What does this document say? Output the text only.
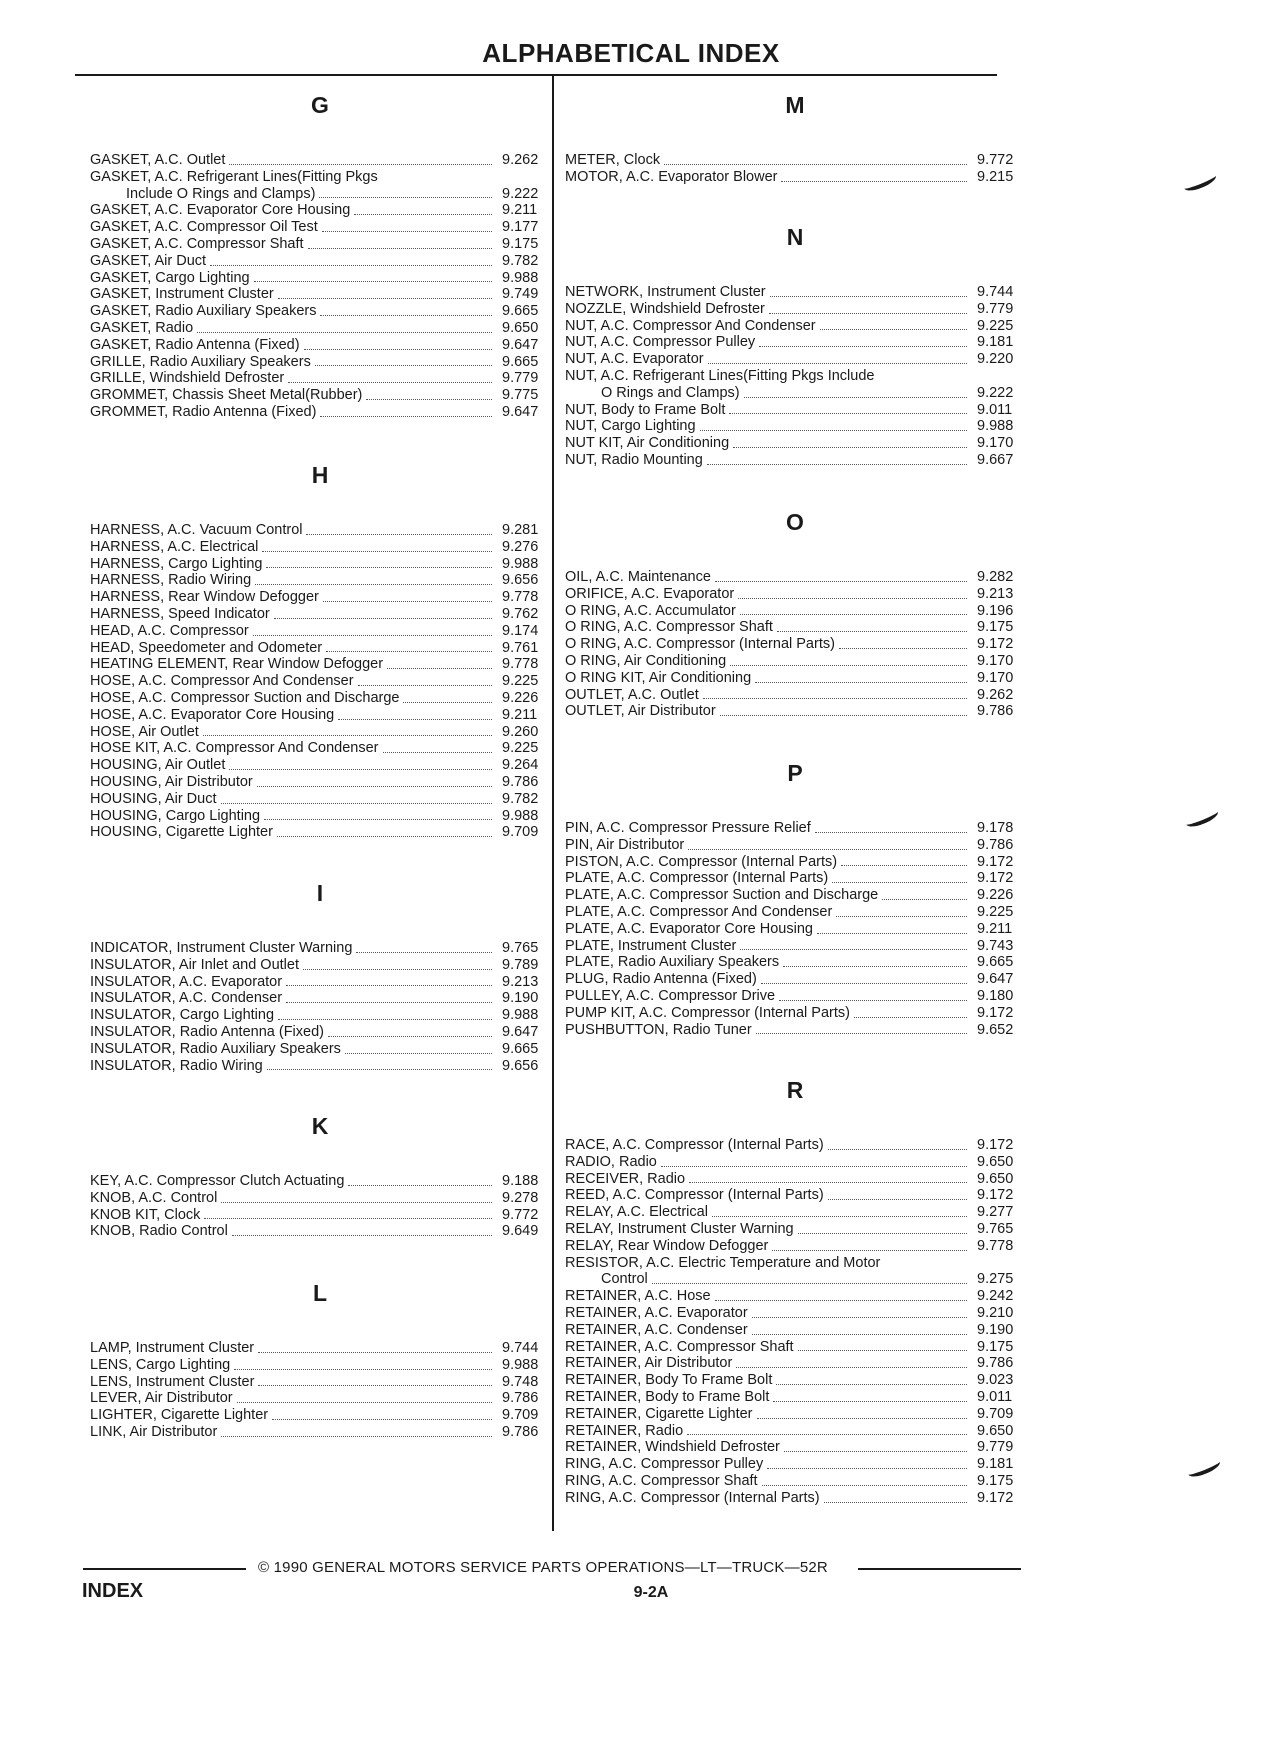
ALPHABETICAL INDEX
G
GASKET, A.C. Outlet	9.262
GASKET, A.C. Refrigerant Lines(Fitting Pkgs
Include O Rings and Clamps)	9.222
GASKET, A.C. Evaporator Core Housing	9.211
GASKET, A.C. Compressor Oil Test	9.177
GASKET, A.C. Compressor Shaft	9.175
GASKET, Air Duct	9.782
GASKET, Cargo Lighting	9.988
GASKET, Instrument Cluster	9.749
GASKET, Radio Auxiliary Speakers	9.665
GASKET, Radio	9.650
GASKET, Radio Antenna (Fixed)	9.647
GRILLE, Radio Auxiliary Speakers	9.665
GRILLE, Windshield Defroster	9.779
GROMMET, Chassis Sheet Metal(Rubber)	9.775
GROMMET, Radio Antenna (Fixed)	9.647
H
HARNESS, A.C. Vacuum Control	9.281
HARNESS, A.C. Electrical	9.276
HARNESS, Cargo Lighting	9.988
HARNESS, Radio Wiring	9.656
HARNESS, Rear Window Defogger	9.778
HARNESS, Speed Indicator	9.762
HEAD, A.C. Compressor	9.174
HEAD, Speedometer and Odometer	9.761
HEATING ELEMENT, Rear Window Defogger	9.778
HOSE, A.C. Compressor And Condenser	9.225
HOSE, A.C. Compressor Suction and Discharge	9.226
HOSE, A.C. Evaporator Core Housing	9.211
HOSE, Air Outlet	9.260
HOSE KIT, A.C. Compressor And Condenser	9.225
HOUSING, Air Outlet	9.264
HOUSING, Air Distributor	9.786
HOUSING, Air Duct	9.782
HOUSING, Cargo Lighting	9.988
HOUSING, Cigarette Lighter	9.709
I
INDICATOR, Instrument Cluster Warning	9.765
INSULATOR, Air Inlet and Outlet	9.789
INSULATOR, A.C. Evaporator	9.213
INSULATOR, A.C. Condenser	9.190
INSULATOR, Cargo Lighting	9.988
INSULATOR, Radio Antenna (Fixed)	9.647
INSULATOR, Radio Auxiliary Speakers	9.665
INSULATOR, Radio Wiring	9.656
K
KEY, A.C. Compressor Clutch Actuating	9.188
KNOB, A.C. Control	9.278
KNOB KIT, Clock	9.772
KNOB, Radio Control	9.649
L
LAMP, Instrument Cluster	9.744
LENS, Cargo Lighting	9.988
LENS, Instrument Cluster	9.748
LEVER, Air Distributor	9.786
LIGHTER, Cigarette Lighter	9.709
LINK, Air Distributor	9.786
M
METER, Clock	9.772
MOTOR, A.C. Evaporator Blower	9.215
N
NETWORK, Instrument Cluster	9.744
NOZZLE, Windshield Defroster	9.779
NUT, A.C. Compressor And Condenser	9.225
NUT, A.C. Compressor Pulley	9.181
NUT, A.C. Evaporator	9.220
NUT, A.C. Refrigerant Lines(Fitting Pkgs Include
O Rings and Clamps)	9.222
NUT, Body to Frame Bolt	9.011
NUT, Cargo Lighting	9.988
NUT KIT, Air Conditioning	9.170
NUT, Radio Mounting	9.667
O
OIL, A.C. Maintenance	9.282
ORIFICE, A.C. Evaporator	9.213
O RING, A.C. Accumulator	9.196
O RING, A.C. Compressor Shaft	9.175
O RING, A.C. Compressor (Internal Parts)	9.172
O RING, Air Conditioning	9.170
O RING KIT, Air Conditioning	9.170
OUTLET, A.C. Outlet	9.262
OUTLET, Air Distributor	9.786
P
PIN, A.C. Compressor Pressure Relief	9.178
PIN, Air Distributor	9.786
PISTON, A.C. Compressor (Internal Parts)	9.172
PLATE, A.C. Compressor (Internal Parts)	9.172
PLATE, A.C. Compressor Suction and Discharge	9.226
PLATE, A.C. Compressor And Condenser	9.225
PLATE, A.C. Evaporator Core Housing	9.211
PLATE, Instrument Cluster	9.743
PLATE, Radio Auxiliary Speakers	9.665
PLUG, Radio Antenna (Fixed)	9.647
PULLEY, A.C. Compressor Drive	9.180
PUMP KIT, A.C. Compressor (Internal Parts)	9.172
PUSHBUTTON, Radio Tuner	9.652
R
RACE, A.C. Compressor (Internal Parts)	9.172
RADIO, Radio	9.650
RECEIVER, Radio	9.650
REED, A.C. Compressor (Internal Parts)	9.172
RELAY, A.C. Electrical	9.277
RELAY, Instrument Cluster Warning	9.765
RELAY, Rear Window Defogger	9.778
RESISTOR, A.C. Electric Temperature and Motor
Control	9.275
RETAINER, A.C. Hose	9.242
RETAINER, A.C. Evaporator	9.210
RETAINER, A.C. Condenser	9.190
RETAINER, A.C. Compressor Shaft	9.175
RETAINER, Air Distributor	9.786
RETAINER, Body To Frame Bolt	9.023
RETAINER, Body to Frame Bolt	9.011
RETAINER, Cigarette Lighter	9.709
RETAINER, Radio	9.650
RETAINER, Windshield Defroster	9.779
RING, A.C. Compressor Pulley	9.181
RING, A.C. Compressor Shaft	9.175
RING, A.C. Compressor (Internal Parts)	9.172
© 1990 GENERAL MOTORS SERVICE PARTS OPERATIONS—LT—TRUCK—52R
INDEX	9-2A
